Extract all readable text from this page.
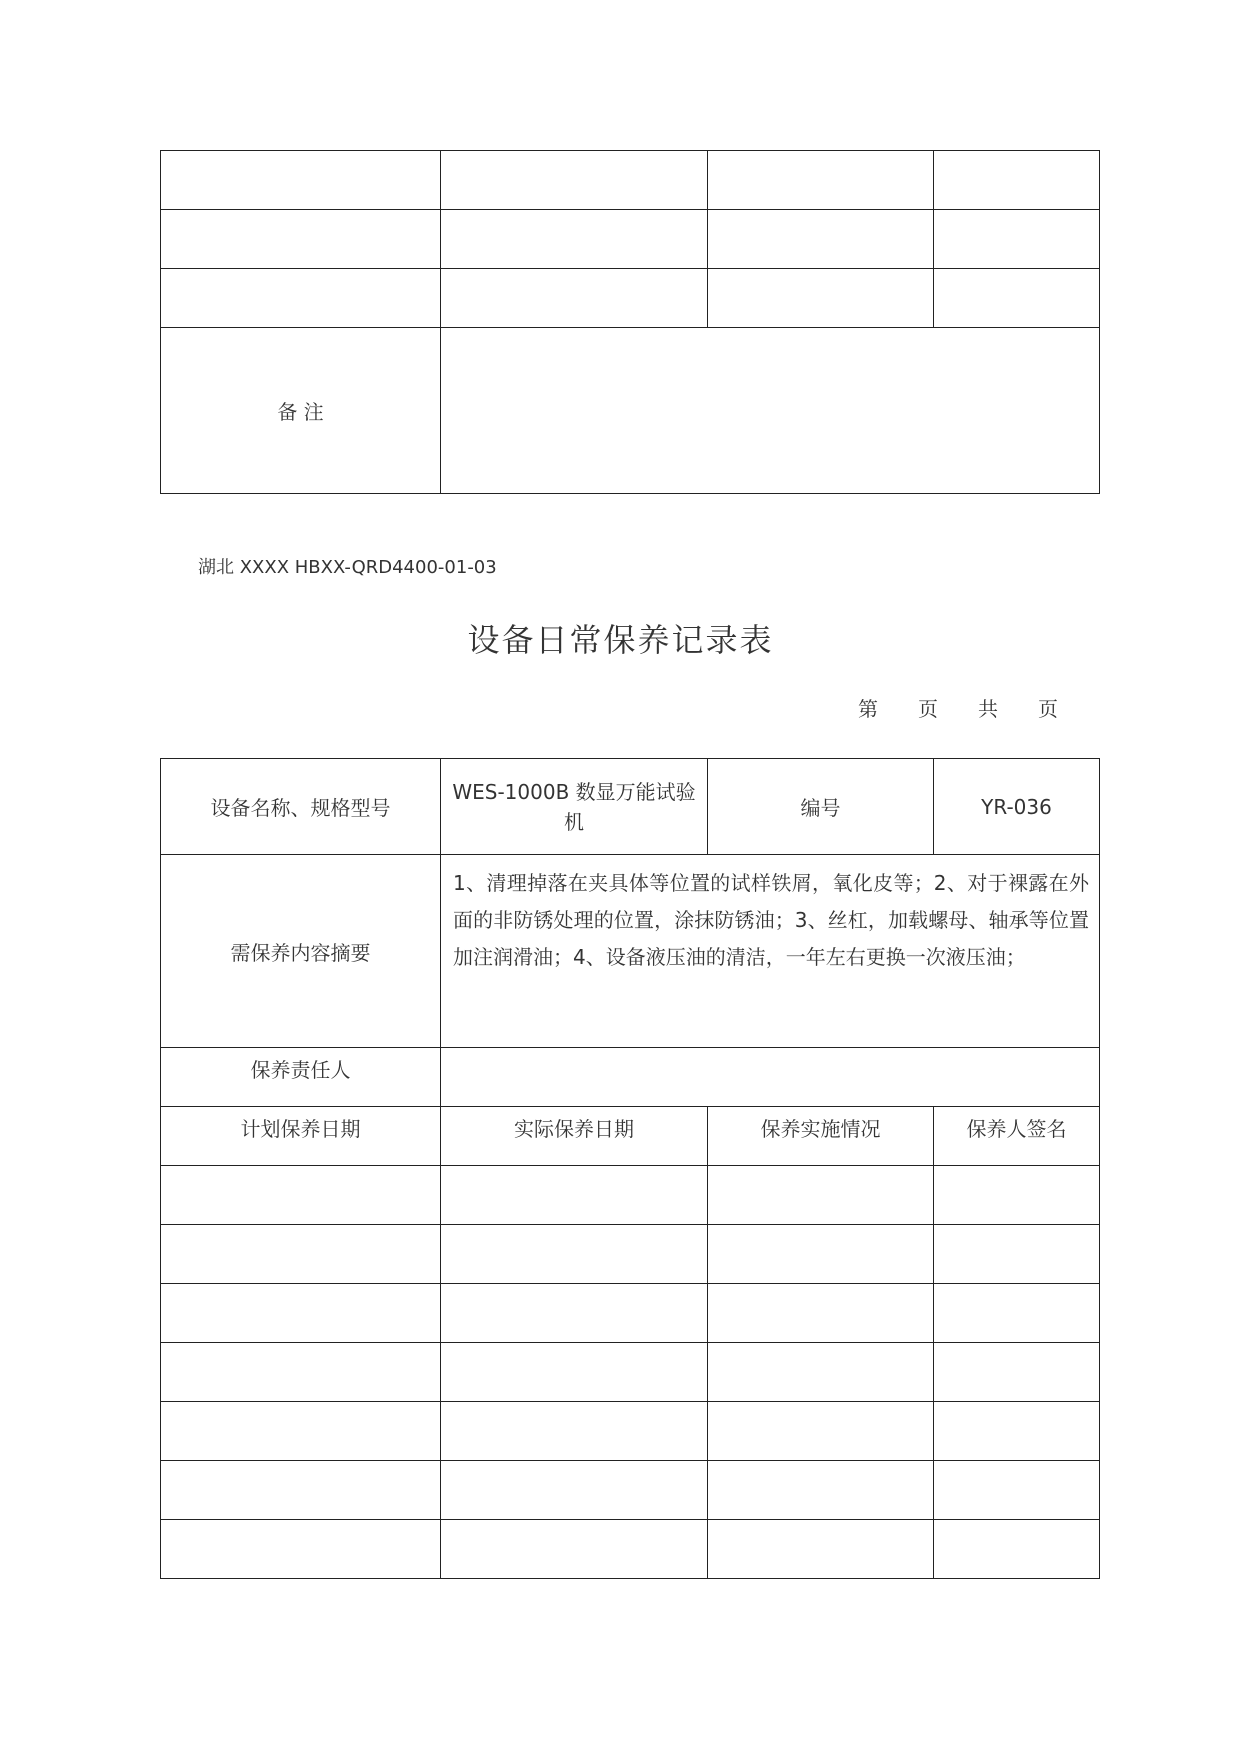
备 注			
湖北 XXXX HBXX-QRD4400-01-03
设备日常保养记录表
第 页 共 页
设备名称、规格型号	WES-1000B 数显万能试验机	编号	YR-036
需保养内容摘要	1、清理掉落在夹具体等位置的试样铁屑，氧化皮等；2、对于裸露在外面的非防锈处理的位置，涂抹防锈油；3、丝杠，加载螺母、轴承等位置加注润滑油；4、设备液压油的清洁，一年左右更换一次液压油；		
保养责任人			
计划保养日期	实际保养日期	保养实施情况	保养人签名
